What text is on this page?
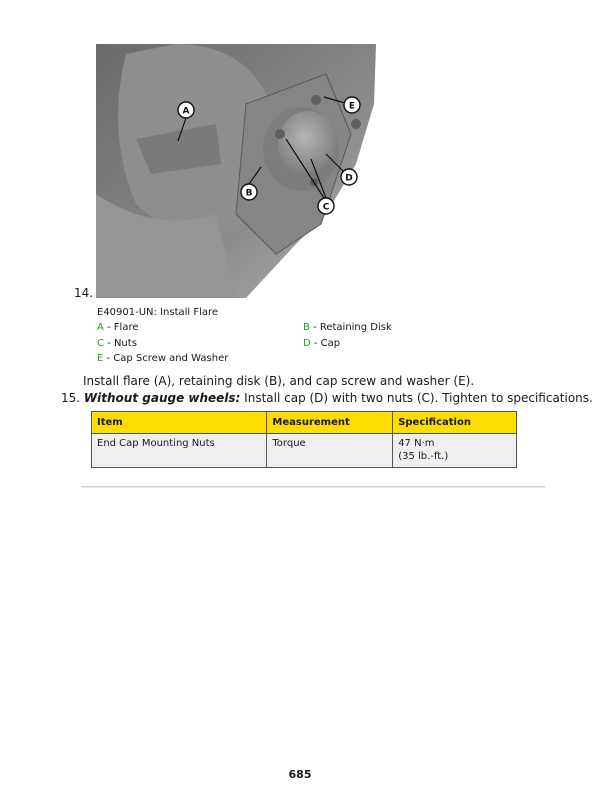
14.
A
B
C
D
E
E40901-UN: Install Flare
A - Flare	B - Retaining Disk
C - Nuts	D - Cap
E - Cap Screw and Washer
Install flare (A), retaining disk (B), and cap screw and washer (E).
15. Without gauge wheels: Install cap (D) with two nuts (C). Tighten to specifications.
Item	Measurement	Specification
End Cap Mounting Nuts	Torque	47 N·m
(35 lb.-ft.)
685
